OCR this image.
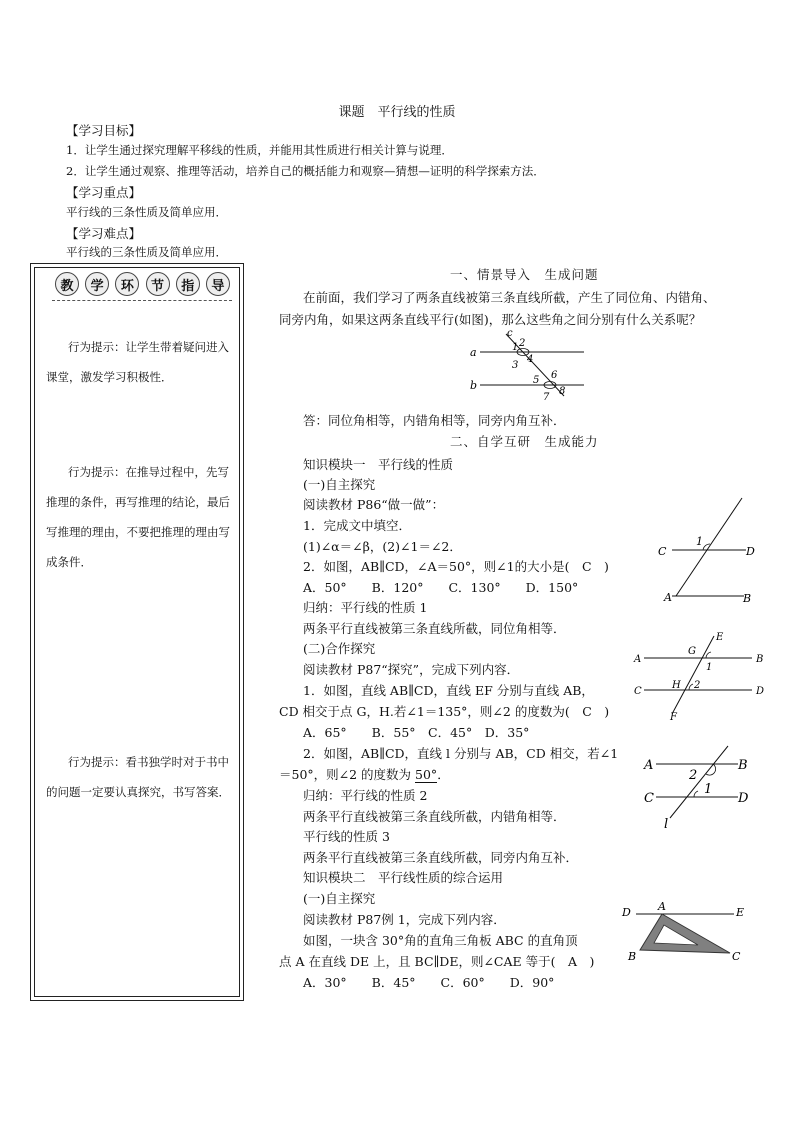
课题　平行线的性质
【学习目标】
1．让学生通过探究理解平移线的性质，并能用其性质进行相关计算与说理．
2．让学生通过观察、推理等活动，培养自己的概括能力和观察—猜想—证明的科学探索方法．
【学习重点】
平行线的三条性质及简单应用．
【学习难点】
平行线的三条性质及简单应用．
教	学	环	节	指	导
行为提示：让学生带着疑问进入课堂，激发学习积极性．
行为提示：在推导过程中，先写推理的条件，再写推理的结论，最后写推理的理由，不要把推理的理由写成条件．
行为提示：看书独学时对于书中的问题一定要认真探究，书写答案．
一、情景导入　生成问题
在前面，我们学习了两条直线被第三条直线所截，产生了同位角、内错角、
同旁内角，如果这两条直线平行(如图)，那么这些角之间分别有什么关系呢？
a
b
c
1 2
3
4
5 6
7
8
答：同位角相等，内错角相等，同旁内角互补．
二、自学互研　生成能力
知识模块一　平行线的性质
(一)自主探究
阅读教材 P86“做一做”：
1．完成文中填空．
(1)∠α＝∠β，(2)∠1＝∠2．
2．如图，AB∥CD，∠A＝50°，则∠1的大小是(　C　)
A．50°　　B．120°　　C．130°　　D．150°
归纳：平行线的性质 1
两条平行直线被第三条直线所截，同位角相等．
(二)合作探究
阅读教材 P87“探究”，完成下列内容．
1．如图，直线 AB∥CD，直线 EF 分别与直线 AB，
CD 相交于点 G，H.若∠1＝135°，则∠2 的度数为(　C　)
A．65°　　B．55°　C．45°　D．35°
2．如图，AB∥CD，直线 l 分别与 AB，CD 相交，若∠1
＝50°，则∠2 的度数为 50°．
归纳：平行线的性质 2
两条平行直线被第三条直线所截，内错角相等．
平行线的性质 3
两条平行直线被第三条直线所截，同旁内角互补．
知识模块二　平行线性质的综合运用
(一)自主探究
阅读教材 P87例 1，完成下列内容．
如图，一块含 30°角的直角三角板 ABC 的直角顶
点 A 在直线 DE 上，且 BC∥DE，则∠CAE 等于(　A　)
A．30°　　B．45°　　C．60°　　D．90°
C	D
A	B
1
A	B
C	D
E
F
G
H
1
2
A	B
C	D
l
2
1
D A	E
B	C
